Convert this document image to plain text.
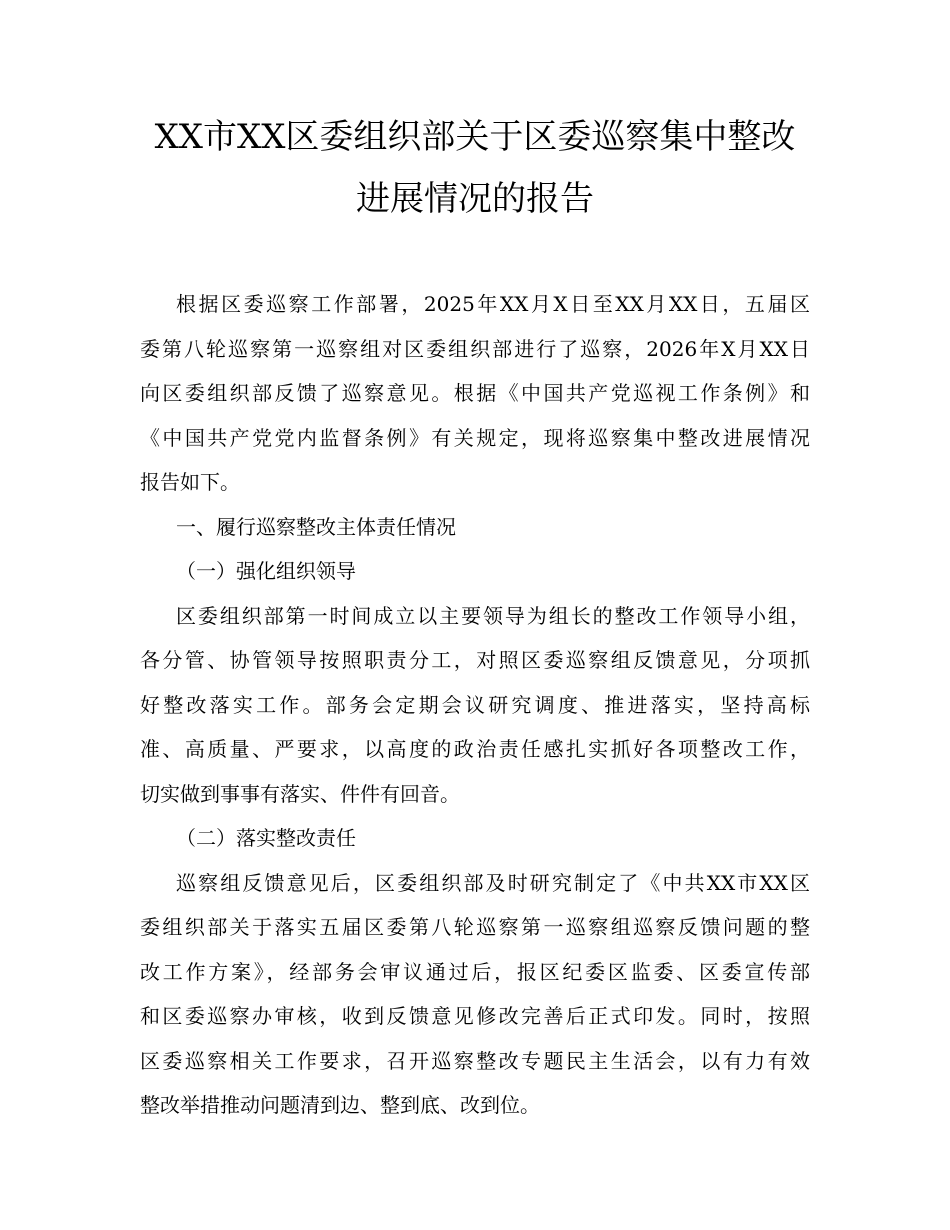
XX市XX区委组织部关于区委巡察集中整改
进展情况的报告
根据区委巡察工作部署，2025年XX月X日至XX月XX日，五届区
委第八轮巡察第一巡察组对区委组织部进行了巡察，2026年X月XX日
向区委组织部反馈了巡察意见。根据《中国共产党巡视工作条例》和
《中国共产党党内监督条例》有关规定，现将巡察集中整改进展情况
报告如下。
一、履行巡察整改主体责任情况
（一）强化组织领导
区委组织部第一时间成立以主要领导为组长的整改工作领导小组，
各分管、协管领导按照职责分工，对照区委巡察组反馈意见，分项抓
好整改落实工作。部务会定期会议研究调度、推进落实，坚持高标
准、高质量、严要求，以高度的政治责任感扎实抓好各项整改工作，
切实做到事事有落实、件件有回音。
（二）落实整改责任
巡察组反馈意见后，区委组织部及时研究制定了《中共XX市XX区
委组织部关于落实五届区委第八轮巡察第一巡察组巡察反馈问题的整
改工作方案》，经部务会审议通过后，报区纪委区监委、区委宣传部
和区委巡察办审核，收到反馈意见修改完善后正式印发。同时，按照
区委巡察相关工作要求，召开巡察整改专题民主生活会，以有力有效
整改举措推动问题清到边、整到底、改到位。
